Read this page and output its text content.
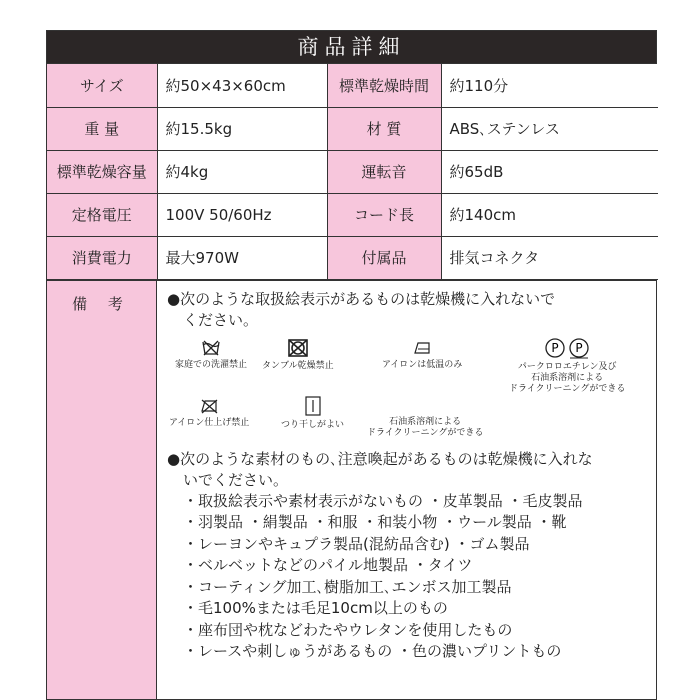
商品詳細
サイズ	約50×43×60cm	標準乾燥時間	約110分
重 量	約15.5kg	材 質	ABS､ステンレス
標準乾燥容量	約4kg	運転音	約65dB
定格電圧	100V 50/60Hz	コード長	約140cm
消費電力	最大970W	付属品	排気コネクタ
備 考	●次のような取扱絵表示があるものは乾燥機に入れないで
ください。
家庭での洗濯禁止 タンブル乾燥禁止	アイロンは低温のみ
P P
パークロロエチレン及び
石油系溶剤による
ドライクリーニングができる
アイロン仕上げ禁止	つり干しがよい	石油系溶剤による
ドライクリーニングができる
●次のような素材のもの､注意喚起があるものは乾燥機に入れな
いでください。
・取扱絵表示や素材表示がないもの ・皮革製品 ・毛皮製品
・羽製品 ・絹製品 ・和服 ・和装小物 ・ウール製品 ・靴
・レーヨンやキュプラ製品(混紡品含む) ・ゴム製品
・ベルベットなどのパイル地製品 ・タイツ
・コーティング加工､樹脂加工､エンボス加工製品
・毛100%または毛足10cm以上のもの
・座布団や枕などわたやウレタンを使用したもの
・レースや刺しゅうがあるもの ・色の濃いプリントもの
